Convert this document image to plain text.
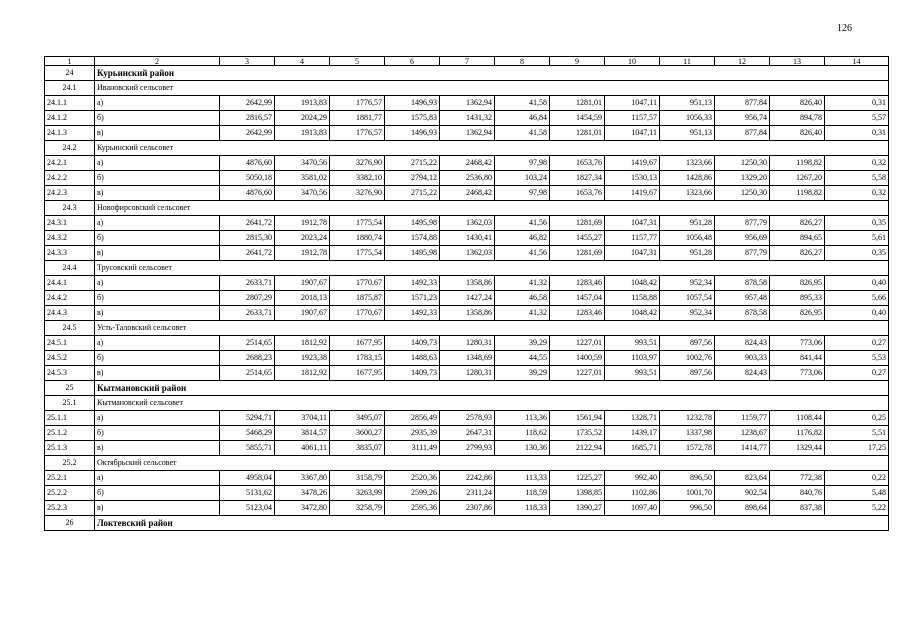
126
1	2	3	4	5	6	7	8	9	10	11	12	13	14
24	Курьинский район												
24.1	Ивановский сельсовет												
24.1.1	а)	2642,99	1913,83	1776,57	1496,93	1362,94	41,58	1281,01	1047,11	951,13	877,84	826,40	0,31
24.1.2	б)	2816,57	2024,29	1881,77	1575,83	1431,32	46,84	1454,59	1157,57	1056,33	956,74	894,78	5,57
24.1.3	в)	2642,99	1913,83	1776,57	1496,93	1362,94	41,58	1281,01	1047,11	951,13	877,84	826,40	0,31
24.2	Курьинский сельсовет												
24.2.1	а)	4876,60	3470,56	3276,90	2715,22	2468,42	97,98	1653,76	1419,67	1323,66	1250,30	1198,82	0,32
24.2.2	б)	5050,18	3581,02	3382,10	2794,12	2536,80	103,24	1827,34	1530,13	1428,86	1329,20	1267,20	5,58
24.2.3	в)	4876,60	3470,56	3276,90	2715,22	2468,42	97,98	1653,76	1419,67	1323,66	1250,30	1198,82	0,32
24.3	Новофирсовский сельсовет												
24.3.1	а)	2641,72	1912,78	1775,54	1495,98	1362,03	41,56	1281,69	1047,31	951,28	877,79	826,27	0,35
24.3.2	б)	2815,30	2023,24	1880,74	1574,88	1430,41	46,82	1455,27	1157,77	1056,48	956,69	894,65	5,61
24.3.3	в)	2641,72	1912,78	1775,54	1495,98	1362,03	41,56	1281,69	1047,31	951,28	877,79	826,27	0,35
24.4	Трусовский сельсовет												
24.4.1	а)	2633,71	1907,67	1770,67	1492,33	1358,86	41,32	1283,46	1048,42	952,34	878,58	826,95	0,40
24.4.2	б)	2807,29	2018,13	1875,87	1571,23	1427,24	46,58	1457,04	1158,88	1057,54	957,48	895,33	5,66
24.4.3	в)	2633,71	1907,67	1770,67	1492,33	1358,86	41,32	1283,46	1048,42	952,34	878,58	826,95	0,40
24.5	Усть-Таловский сельсовет												
24.5.1	а)	2514,65	1812,92	1677,95	1409,73	1280,31	39,29	1227,01	993,51	897,56	824,43	773,06	0,27
24.5.2	б)	2688,23	1923,38	1783,15	1488,63	1348,69	44,55	1400,59	1103,97	1002,76	903,33	841,44	5,53
24.5.3	в)	2514,65	1812,92	1677,95	1409,73	1280,31	39,29	1227,01	993,51	897,56	824,43	773,06	0,27
25	Кытмановский район												
25.1	Кытмановский сельсовет												
25.1.1	а)	5294,71	3704,11	3495,07	2856,49	2578,93	113,36	1561,94	1328,71	1232,78	1159,77	1108,44	0,25
25.1.2	б)	5468,29	3814,57	3600,27	2935,39	2647,31	118,62	1735,52	1439,17	1337,98	1238,67	1176,82	5,51
25.1.3	в)	5855,71	4061,11	3835,07	3111,49	2799,93	130,36	2122,94	1685,71	1572,78	1414,77	1329,44	17,25
25.2	Октябрьский сельсовет												
25.2.1	а)	4958,04	3367,80	3158,79	2520,36	2242,86	113,33	1225,27	992,40	896,50	823,64	772,38	0,22
25.2.2	б)	5131,62	3478,26	3263,99	2599,26	2311,24	118,59	1398,85	1102,86	1001,70	902,54	840,76	5,48
25.2.3	в)	5123,04	3472,80	3258,79	2595,36	2307,86	118,33	1390,27	1097,40	996,50	898,64	837,38	5,22
26	Локтевский район												
